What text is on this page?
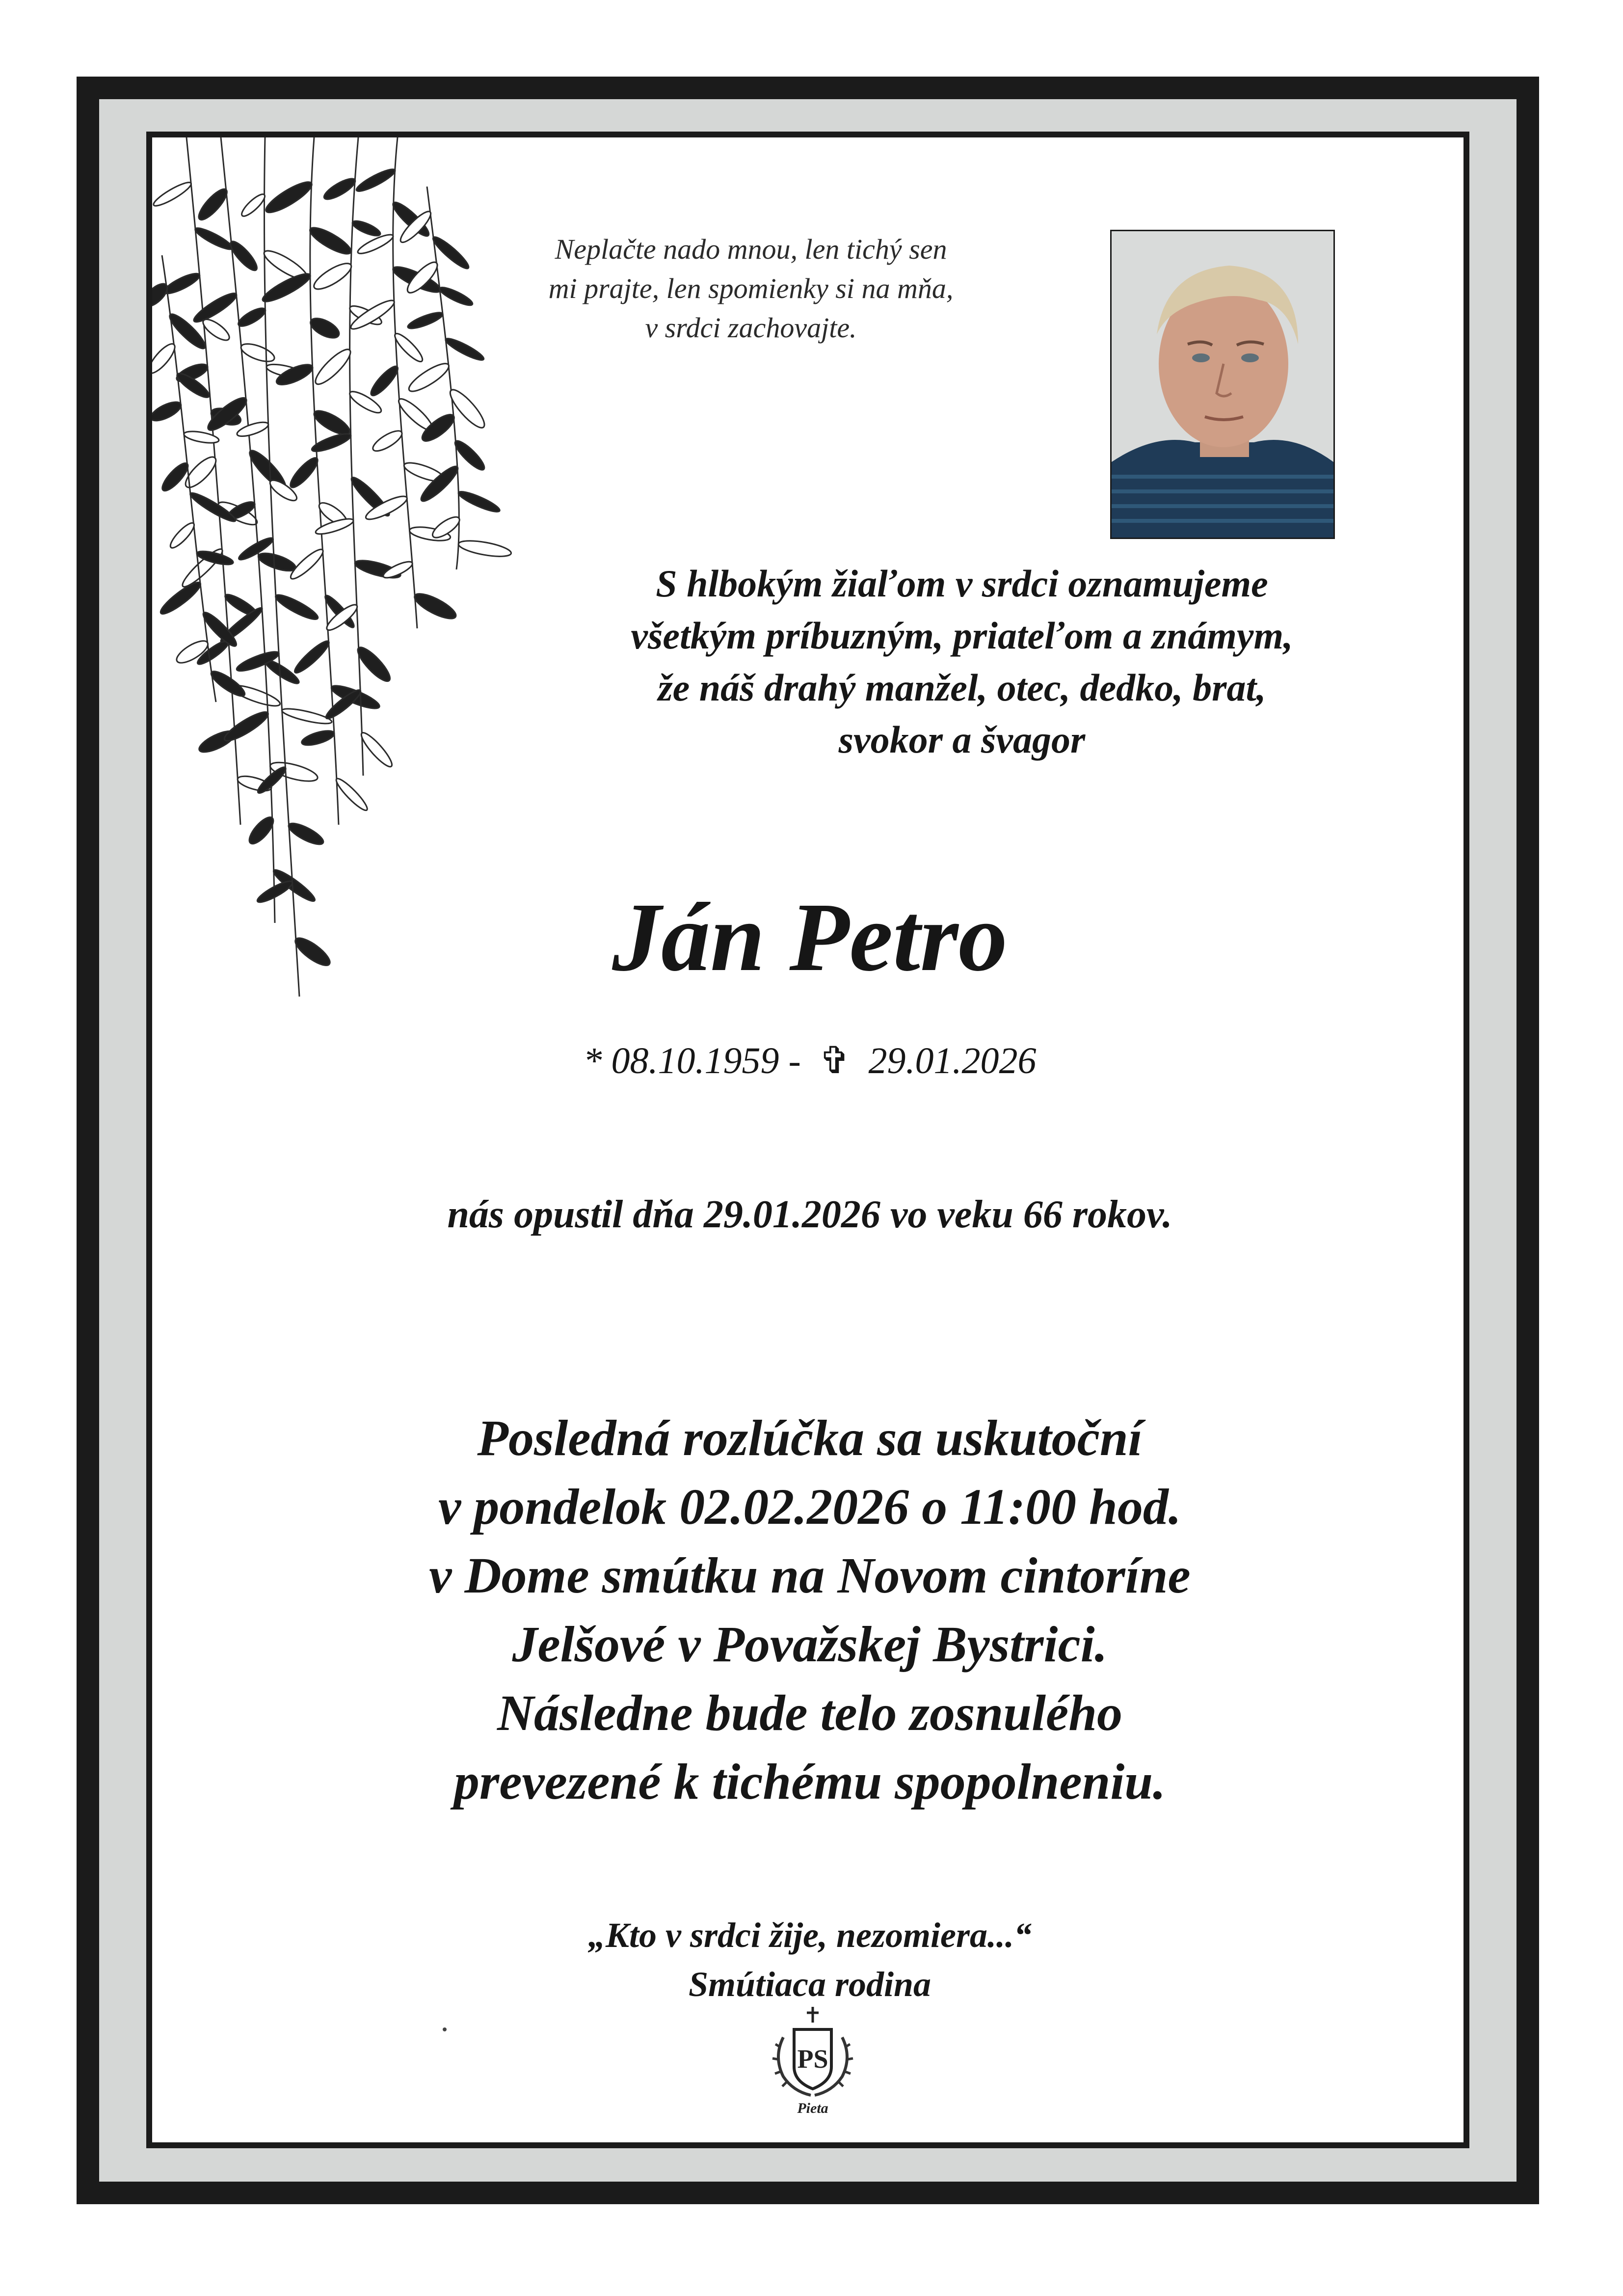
Neplačte nado mnou, len tichý sen
mi prajte, len spomienky si na mňa,
v srdci zachovajte.
S hlbokým žiaľom v srdci oznamujeme
všetkým príbuzným, priateľom a známym,
že náš drahý manžel, otec, dedko, brat,
svokor a švagor
Ján Petro
* 08.10.1959 - ✞ 29.01.2026
nás opustil dňa 29.01.2026 vo veku 66 rokov.
Posledná rozlúčka sa uskutoční
v pondelok 02.02.2026 o 11:00 hod.
v Dome smútku na Novom cintoríne
Jelšové v Považskej Bystrici.
Následne bude telo zosnulého
prevezené k tichému spopolneniu.
„Kto v srdci žije, nezomiera...“
Smútiaca rodina
PS
Pieta
